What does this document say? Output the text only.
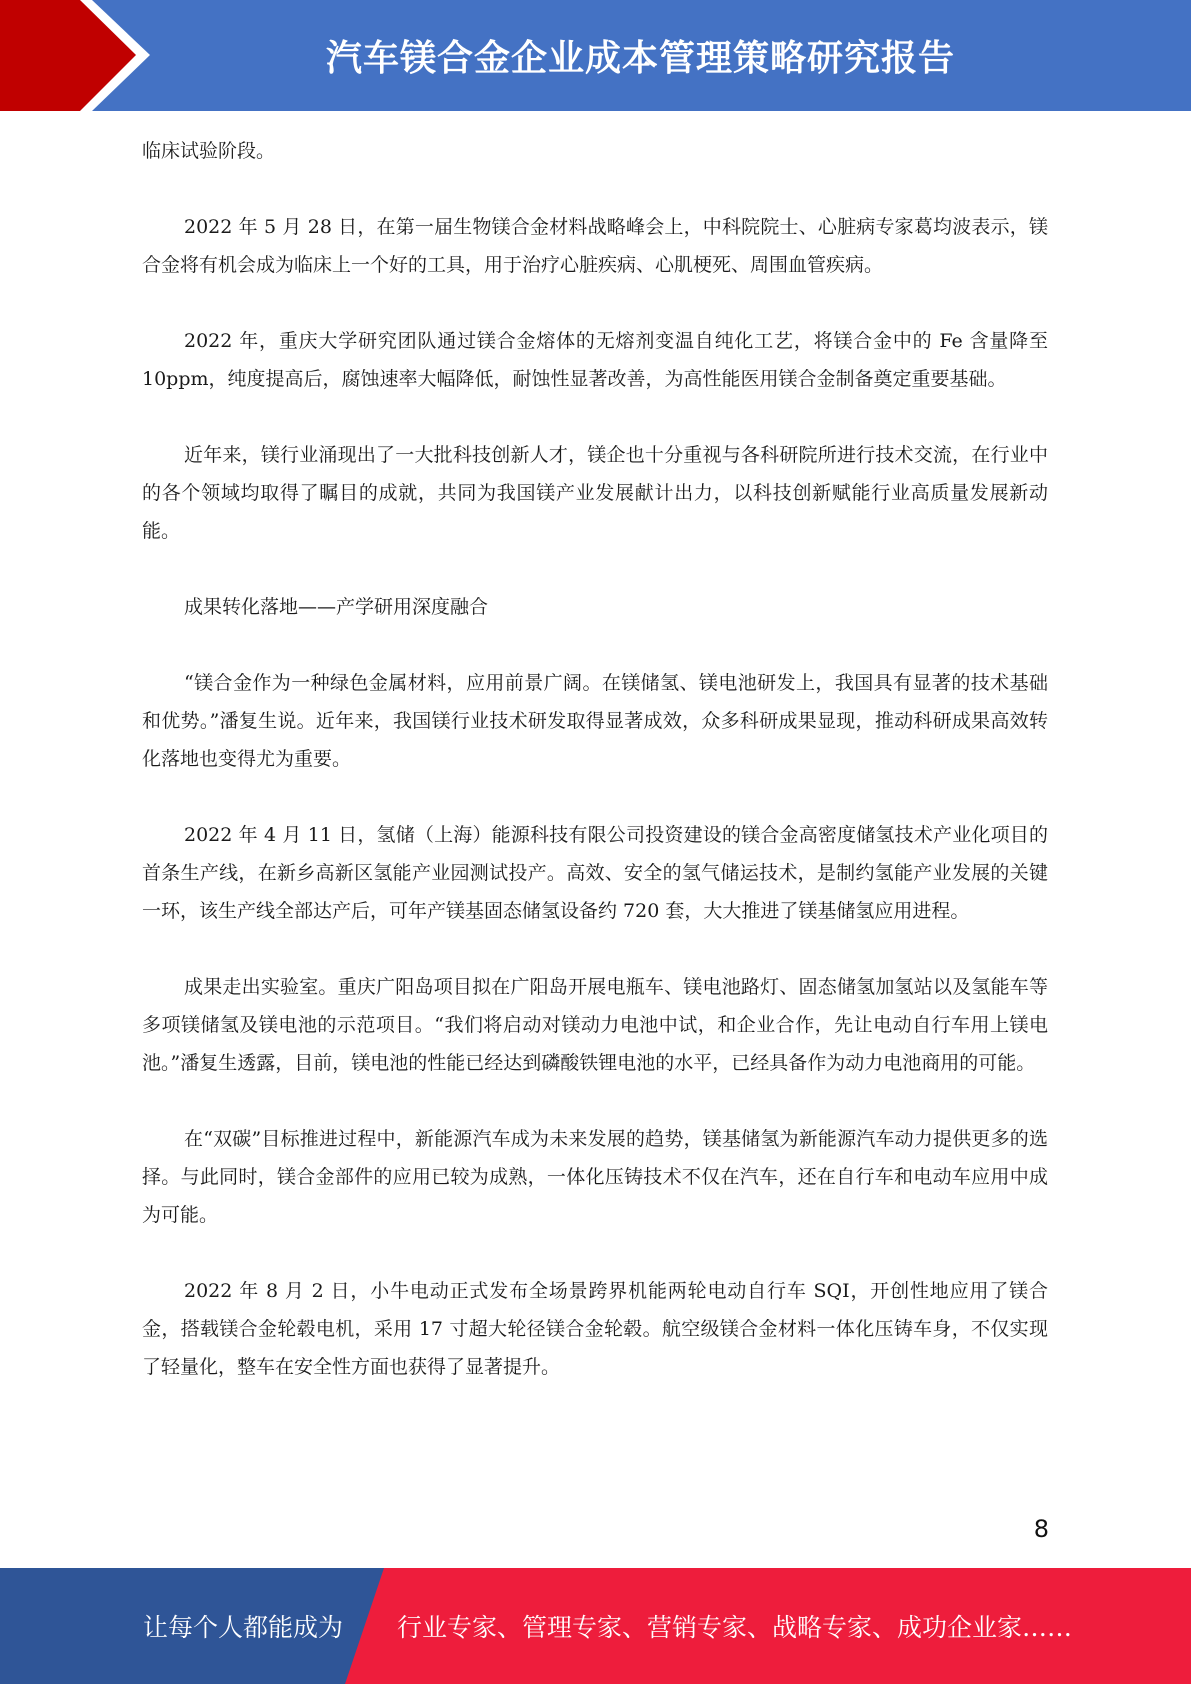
汽车镁合金企业成本管理策略研究报告

临床试验阶段。

2022 年 5 月 28 日，在第一届生物镁合金材料战略峰会上，中科院院士、心脏病专家葛均波表示，镁合金将有机会成为临床上一个好的工具，用于治疗心脏疾病、心肌梗死、周围血管疾病。

2022 年，重庆大学研究团队通过镁合金熔体的无熔剂变温自纯化工艺，将镁合金中的 Fe 含量降至 10ppm，纯度提高后，腐蚀速率大幅降低，耐蚀性显著改善，为高性能医用镁合金制备奠定重要基础。

近年来，镁行业涌现出了一大批科技创新人才，镁企也十分重视与各科研院所进行技术交流，在行业中的各个领域均取得了瞩目的成就，共同为我国镁产业发展献计出力，以科技创新赋能行业高质量发展新动能。

成果转化落地——产学研用深度融合

“镁合金作为一种绿色金属材料，应用前景广阔。在镁储氢、镁电池研发上，我国具有显著的技术基础和优势。”潘复生说。近年来，我国镁行业技术研发取得显著成效，众多科研成果显现，推动科研成果高效转化落地也变得尤为重要。

2022 年 4 月 11 日，氢储（上海）能源科技有限公司投资建设的镁合金高密度储氢技术产业化项目的首条生产线，在新乡高新区氢能产业园测试投产。高效、安全的氢气储运技术，是制约氢能产业发展的关键一环，该生产线全部达产后，可年产镁基固态储氢设备约 720 套，大大推进了镁基储氢应用进程。

成果走出实验室。重庆广阳岛项目拟在广阳岛开展电瓶车、镁电池路灯、固态储氢加氢站以及氢能车等多项镁储氢及镁电池的示范项目。“我们将启动对镁动力电池中试，和企业合作，先让电动自行车用上镁电池。”潘复生透露，目前，镁电池的性能已经达到磷酸铁锂电池的水平，已经具备作为动力电池商用的可能。

在“双碳”目标推进过程中，新能源汽车成为未来发展的趋势，镁基储氢为新能源汽车动力提供更多的选择。与此同时，镁合金部件的应用已较为成熟，一体化压铸技术不仅在汽车，还在自行车和电动车应用中成为可能。

2022 年 8 月 2 日，小牛电动正式发布全场景跨界机能两轮电动自行车 SQI，开创性地应用了镁合金，搭载镁合金轮毂电机，采用 17 寸超大轮径镁合金轮毂。航空级镁合金材料一体化压铸车身，不仅实现了轻量化，整车在安全性方面也获得了显著提升。

8
让每个人都能成为 行业专家、管理专家、营销专家、战略专家、成功企业家……
